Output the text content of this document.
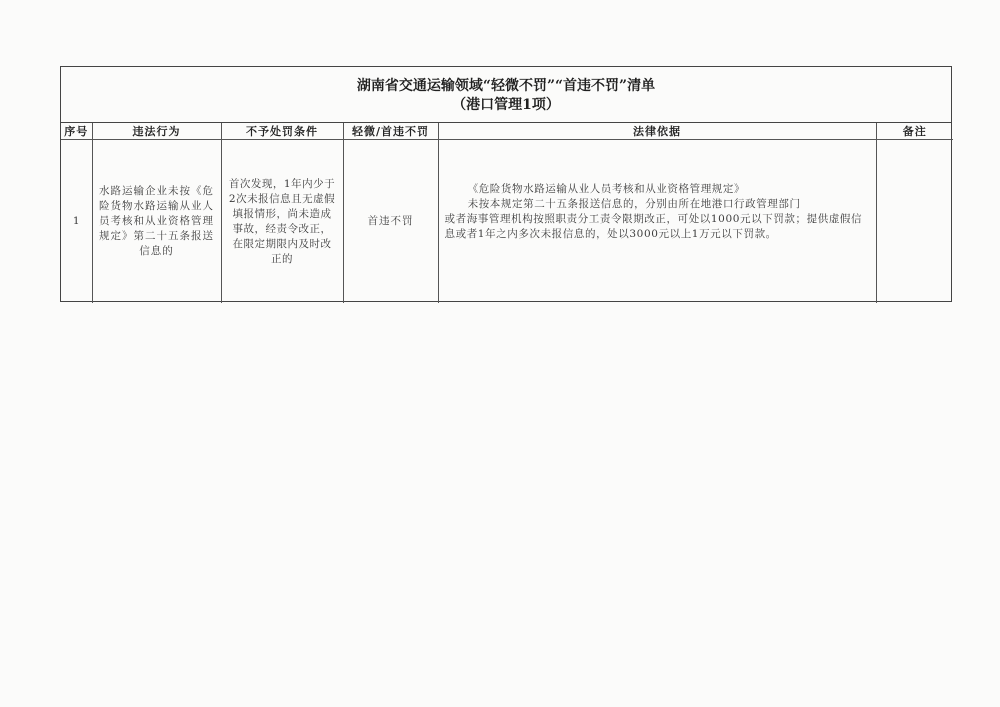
湖南省交通运输领域“轻微不罚”“首违不罚”清单
（港口管理1项）
序号	违法行为	不予处罚条件	轻微/首违不罚	法律依据	备注
1	水路运输企业未按《危险货物水路运输从业人员考核和从业资格管理规定》第二十五条报送信息的	首次发现，1年内少于2次未报信息且无虚假填报情形，尚未造成事故，经责令改正，在限定期限内及时改正的	首违不罚	《危险货物水路运输从业人员考核和从业资格管理规定》

未按本规定第二十五条报送信息的，分别由所在地港口行政管理部门

或者海事管理机构按照职责分工责令限期改正，可处以1000元以下罚款；提供虚假信息或者1年之内多次未报信息的，处以3000元以上1万元以下罚款。	
